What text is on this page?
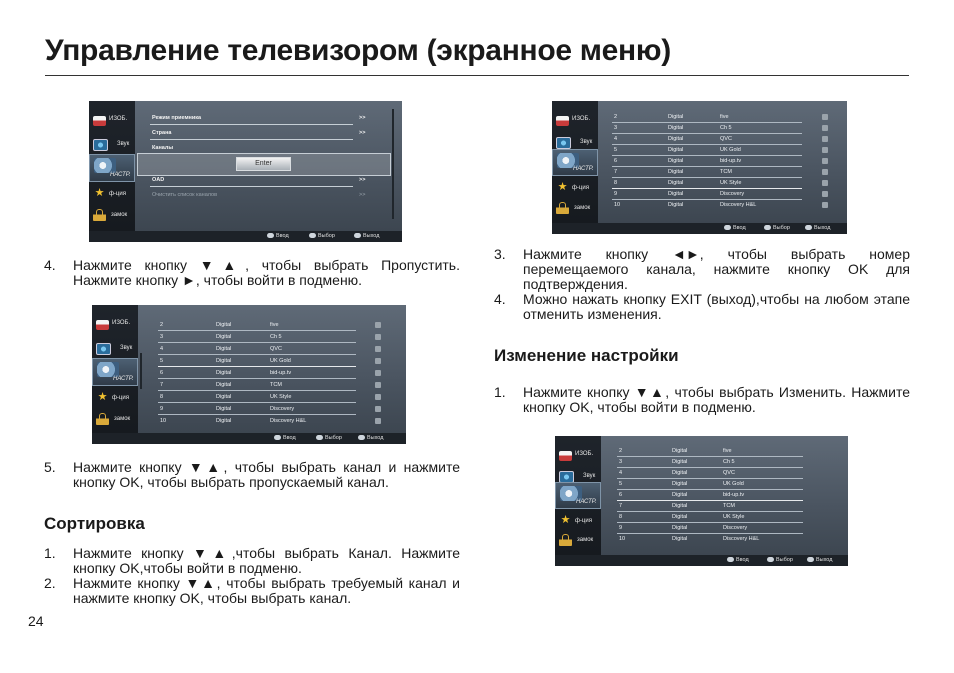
Управление телевизором (экранное меню)
ИЗОБ.
Звук
НАСТР.
★ ф-ция
замок
Режим приемника	>>
Страна	>>
Каналы
Enter
OAD	>>
Очистить список каналов	>>
Ввод	Выбор	Выход
4.	Нажмите кнопку ▼▲, чтобы выбрать Пропустить. Нажмите кнопку ►, чтобы войти в подменю.
ИЗОБ.
Звук
НАСТР.
★ ф-ция
замок
2	Digital	five
3	Digital	Ch 5
4	Digital	QVC
5	Digital	UK Gold
6	Digital	bid-up.tv
7	Digital	TCM
8	Digital	UK Style
9	Digital	Discovery
10	Digital	Discovery H&L
Ввод	Выбор	Выход
5.	Нажмите кнопку ▼▲, чтобы выбрать канал и нажмите кнопку OK, чтобы выбрать пропускаемый канал.
Сортировка
1.	Нажмите кнопку ▼▲,чтобы выбрать Канал. Нажмите кнопку OK,чтобы войти в подменю.
2.	Нажмите кнопку ▼▲, чтобы выбрать требуемый канал и нажмите кнопку OK, чтобы выбрать канал.
ИЗОБ.
Звук
НАСТР.
★ ф-ция
замок
2	Digital	five
3	Digital	Ch 5
4	Digital	QVC
5	Digital	UK Gold
6	Digital	bid-up.tv
7	Digital	TCM
8	Digital	UK Style
9	Digital	Discovery
10	Digital	Discovery H&L
Ввод	Выбор	Выход
3.	Нажмите кнопку ◄►, чтобы выбрать номер перемещаемого канала, нажмите кнопку OK для подтверждения.
4.	Можно нажать кнопку EXIT (выход),чтобы на любом этапе отменить изменения.
Изменение настройки
1.	Нажмите кнопку ▼▲, чтобы выбрать Изменить. Нажмите кнопку OK, чтобы войти в подменю.
ИЗОБ.
Звук
НАСТР.
★ ф-ция
замок
2	Digital	five
3	Digital	Ch 5
4	Digital	QVC
5	Digital	UK Gold
6	Digital	bid-up.tv
7	Digital	TCM
8	Digital	UK Style
9	Digital	Discovery
10	Digital	Discovery H&L
Ввод	Выбор	Выход
24
